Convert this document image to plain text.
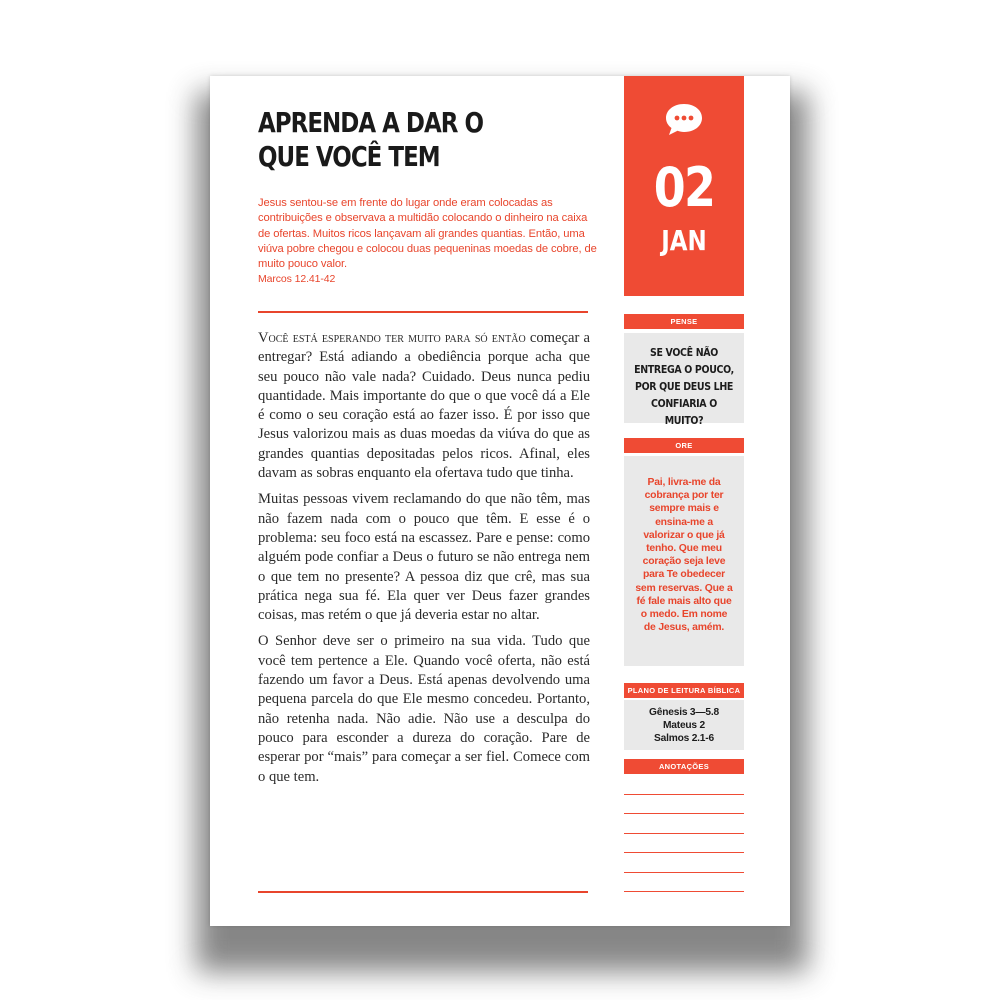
APRENDA A DAR O
QUE VOCÊ TEM
Jesus sentou-se em frente do lugar onde eram colocadas as contribuições e observava a multidão colocando o dinheiro na caixa de ofertas. Muitos ricos lançavam ali grandes quantias. Então, uma viúva pobre chegou e colocou duas pequeninas moedas de cobre, de muito pouco valor.
Marcos 12.41-42

Você está esperando ter muito para só então começar a entregar? Está adiando a obediência porque acha que seu pouco não vale nada? Cuidado. Deus nunca pediu quantidade. Mais importante do que o que você dá a Ele é como o seu coração está ao fazer isso. É por isso que Jesus valorizou mais as duas moedas da viúva do que as grandes quantias depositadas pelos ricos. Afinal, eles davam as sobras enquanto ela ofertava tudo que tinha.

Muitas pessoas vivem reclamando do que não têm, mas não fazem nada com o pouco que têm. E esse é o problema: seu foco está na escassez. Pare e pense: como alguém pode confiar a Deus o futuro se não entrega nem o que tem no presente? A pessoa diz que crê, mas sua prática nega sua fé. Ela quer ver Deus fazer grandes coisas, mas retém o que já deveria estar no altar.

O Senhor deve ser o primeiro na sua vida. Tudo que você tem pertence a Ele. Quando você oferta, não está fazendo um favor a Deus. Está apenas devolvendo uma pequena parcela do que Ele mesmo concedeu. Portanto, não retenha nada. Não adie. Não use a desculpa do pouco para esconder a dureza do coração. Pare de esperar por “mais” para começar a ser fiel. Comece com o que tem.

02
JAN
PENSE
SE VOCÊ NÃO ENTREGA O POUCO, POR QUE DEUS LHE CONFIARIA O MUITO?
ORE
Pai, livra-me da cobrança por ter sempre mais e ensina-me a valorizar o que já tenho. Que meu coração seja leve para Te obedecer sem reservas. Que a fé fale mais alto que o medo. Em nome de Jesus, amém.
PLANO DE LEITURA BÍBLICA
Gênesis 3—5.8
Mateus 2
Salmos 2.1-6
ANOTAÇÕES
